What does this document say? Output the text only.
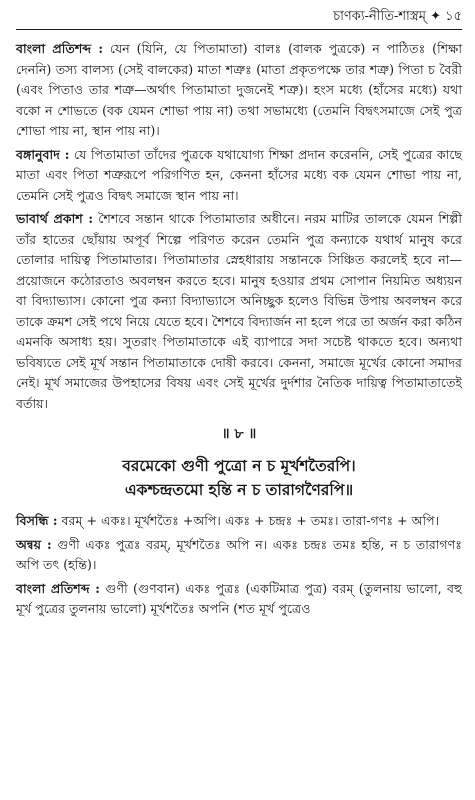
চাণক্য-নীতি-শাস্ত্রম্ ✦ ১৫

বাংলা প্রতিশব্দ : যেন (যিনি, যে পিতামাতা) বালঃ (বালক পুত্রকে) ন পাঠিতঃ (শিক্ষা দেননি) তস্য বালস্য (সেই বালকের) মাতা শত্রুঃ (মাতা প্রকৃতপক্ষে তার শত্রু) পিতা চ বৈরী (এবং পিতাও তার শত্রু—অর্থাৎ পিতামাতা দুজনেই শত্রু)। হংস মধ্যে (হাঁসের মধ্যে) যথা বকো ন শোভতে (বক যেমন শোভা পায় না) তথা সভামধ্যে (তেমনি বিদ্বৎসমাজে সেই পুত্র শোভা পায় না, স্থান পায় না)।

বঙ্গানুবাদ : যে পিতামাতা তাঁদের পুত্রকে যথাযোগ্য শিক্ষা প্রদান করেননি, সেই পুত্রের কাছে মাতা এবং পিতা শত্রুরূপে পরিগণিত হন, কেননা হাঁসের মধ্যে বক যেমন শোভা পায় না, তেমনি সেই পুত্রও বিদ্বৎ সমাজে স্থান পায় না।

ভাবার্থ প্রকাশ : শৈশবে সন্তান থাকে পিতামাতার অধীনে। নরম মাটির তালকে যেমন শিল্পী তাঁর হাতের ছোঁয়ায় অপূর্ব শিল্পে পরিণত করেন তেমনি পুত্র কন্যাকে যথার্থ মানুষ করে তোলার দায়িত্ব পিতামাতার। পিতামাতার স্নেহধারায় সন্তানকে সিঞ্চিত করলেই হবে না—প্রয়োজনে কঠোরতাও অবলম্বন করতে হবে। মানুষ হওয়ার প্রথম সোপান নিয়মিত অধ্যয়ন বা বিদ্যাভ্যাস। কোনো পুত্র কন্যা বিদ্যাভ্যাসে অনিচ্ছুক হলেও বিভিন্ন উপায় অবলম্বন করে তাকে ক্রমশ সেই পথে নিয়ে যেতে হবে। শৈশবে বিদ্যার্জন না হলে পরে তা অর্জন করা কঠিন এমনকি অসাধ্য হয়। সুতরাং পিতামাতাকে এই ব্যাপারে সদা সচেষ্ট থাকতে হবে। অন্যথা ভবিষ্যতে সেই মূর্খ সন্তান পিতামাতাকে দোষী করবে। কেননা, সমাজে মূর্খের কোনো সমাদর নেই। মূর্খ সমাজের উপহাসের বিষয় এবং সেই মূর্খের দুর্দশার নৈতিক দায়িত্ব পিতামাতাতেই বর্তায়।

॥ ৮ ॥

বরমেকো গুণী পুত্রো ন চ মূর্খশতৈরপি।

একশ্চন্দ্রতমো হন্তি ন চ তারাগণৈরপি॥

বিসন্ধি : বরম্ + একঃ। মূর্খশতৈঃ +অপি। একঃ + চন্দ্রঃ + তমঃ। তারা-গণঃ + অপি।

অন্বয় : গুণী একঃ পুত্রঃ বরম্, মূর্খশতৈঃ অপি ন। একঃ চন্দ্রঃ তমঃ হন্তি, ন চ তারাগণঃ অপি তৎ (হন্তি)।

বাংলা প্রতিশব্দ : গুণী (গুণবান) একঃ পুত্রঃ (একটিমাত্র পুত্র) বরম্ (তুলনায় ভালো, বহু মূর্খ পুত্রের তুলনায় ভালো) মূর্খশতৈঃ অপনি (শত মূর্খ পুত্রেও
